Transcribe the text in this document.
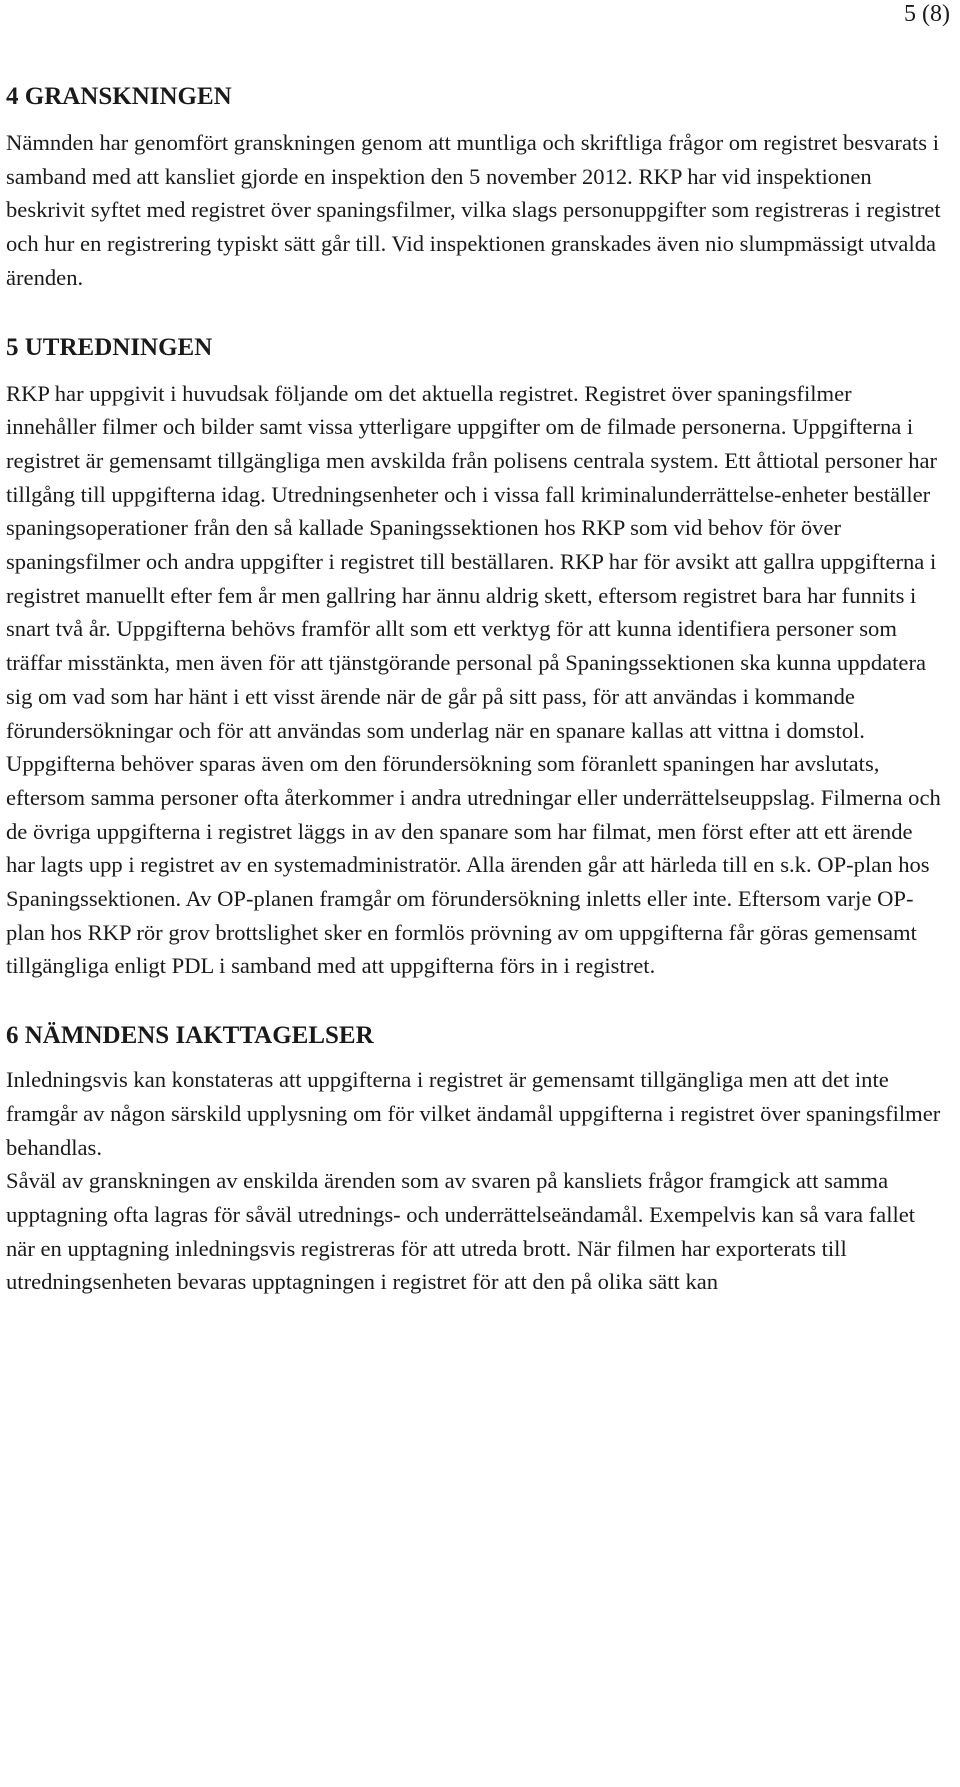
5 (8)
4 GRANSKNINGEN

Nämnden har genomfört granskningen genom att muntliga och skriftliga frågor om registret besvarats i samband med att kansliet gjorde en inspektion den 5 november 2012. RKP har vid inspektionen beskrivit syftet med registret över spaningsfilmer, vilka slags personuppgifter som registreras i registret och hur en registrering typiskt sätt går till. Vid inspektionen granskades även nio slumpmässigt utvalda ärenden.

5 UTREDNINGEN

RKP har uppgivit i huvudsak följande om det aktuella registret. Registret över spaningsfilmer innehåller filmer och bilder samt vissa ytterligare uppgifter om de filmade personerna. Uppgifterna i registret är gemensamt tillgängliga men avskilda från polisens centrala system. Ett åttiotal personer har tillgång till uppgifterna idag. Utredningsenheter och i vissa fall kriminalunderrättelse-enheter beställer spaningsoperationer från den så kallade Spaningssektionen hos RKP som vid behov för över spaningsfilmer och andra uppgifter i registret till beställaren. RKP har för avsikt att gallra uppgifterna i registret manuellt efter fem år men gallring har ännu aldrig skett, eftersom registret bara har funnits i snart två år. Uppgifterna behövs framför allt som ett verktyg för att kunna identifiera personer som träffar misstänkta, men även för att tjänstgörande personal på Spaningssektionen ska kunna uppdatera sig om vad som har hänt i ett visst ärende när de går på sitt pass, för att användas i kommande förundersökningar och för att användas som underlag när en spanare kallas att vittna i domstol. Uppgifterna behöver sparas även om den förundersökning som föranlett spaningen har avslutats, eftersom samma personer ofta återkommer i andra utredningar eller underrättelseuppslag. Filmerna och de övriga uppgifterna i registret läggs in av den spanare som har filmat, men först efter att ett ärende har lagts upp i registret av en systemadministratör. Alla ärenden går att härleda till en s.k. OP-plan hos Spaningssektionen. Av OP-planen framgår om förundersökning inletts eller inte. Eftersom varje OP-plan hos RKP rör grov brottslighet sker en formlös prövning av om uppgifterna får göras gemensamt tillgängliga enligt PDL i samband med att uppgifterna förs in i registret.

6 NÄMNDENS IAKTTAGELSER

Inledningsvis kan konstateras att uppgifterna i registret är gemensamt tillgängliga men att det inte framgår av någon särskild upplysning om för vilket ändamål uppgifterna i registret över spaningsfilmer behandlas.

Såväl av granskningen av enskilda ärenden som av svaren på kansliets frågor framgick att samma upptagning ofta lagras för såväl utrednings- och underrättelseändamål. Exempelvis kan så vara fallet när en upptagning inledningsvis registreras för att utreda brott. När filmen har exporterats till utredningsenheten bevaras upptagningen i registret för att den på olika sätt kan
